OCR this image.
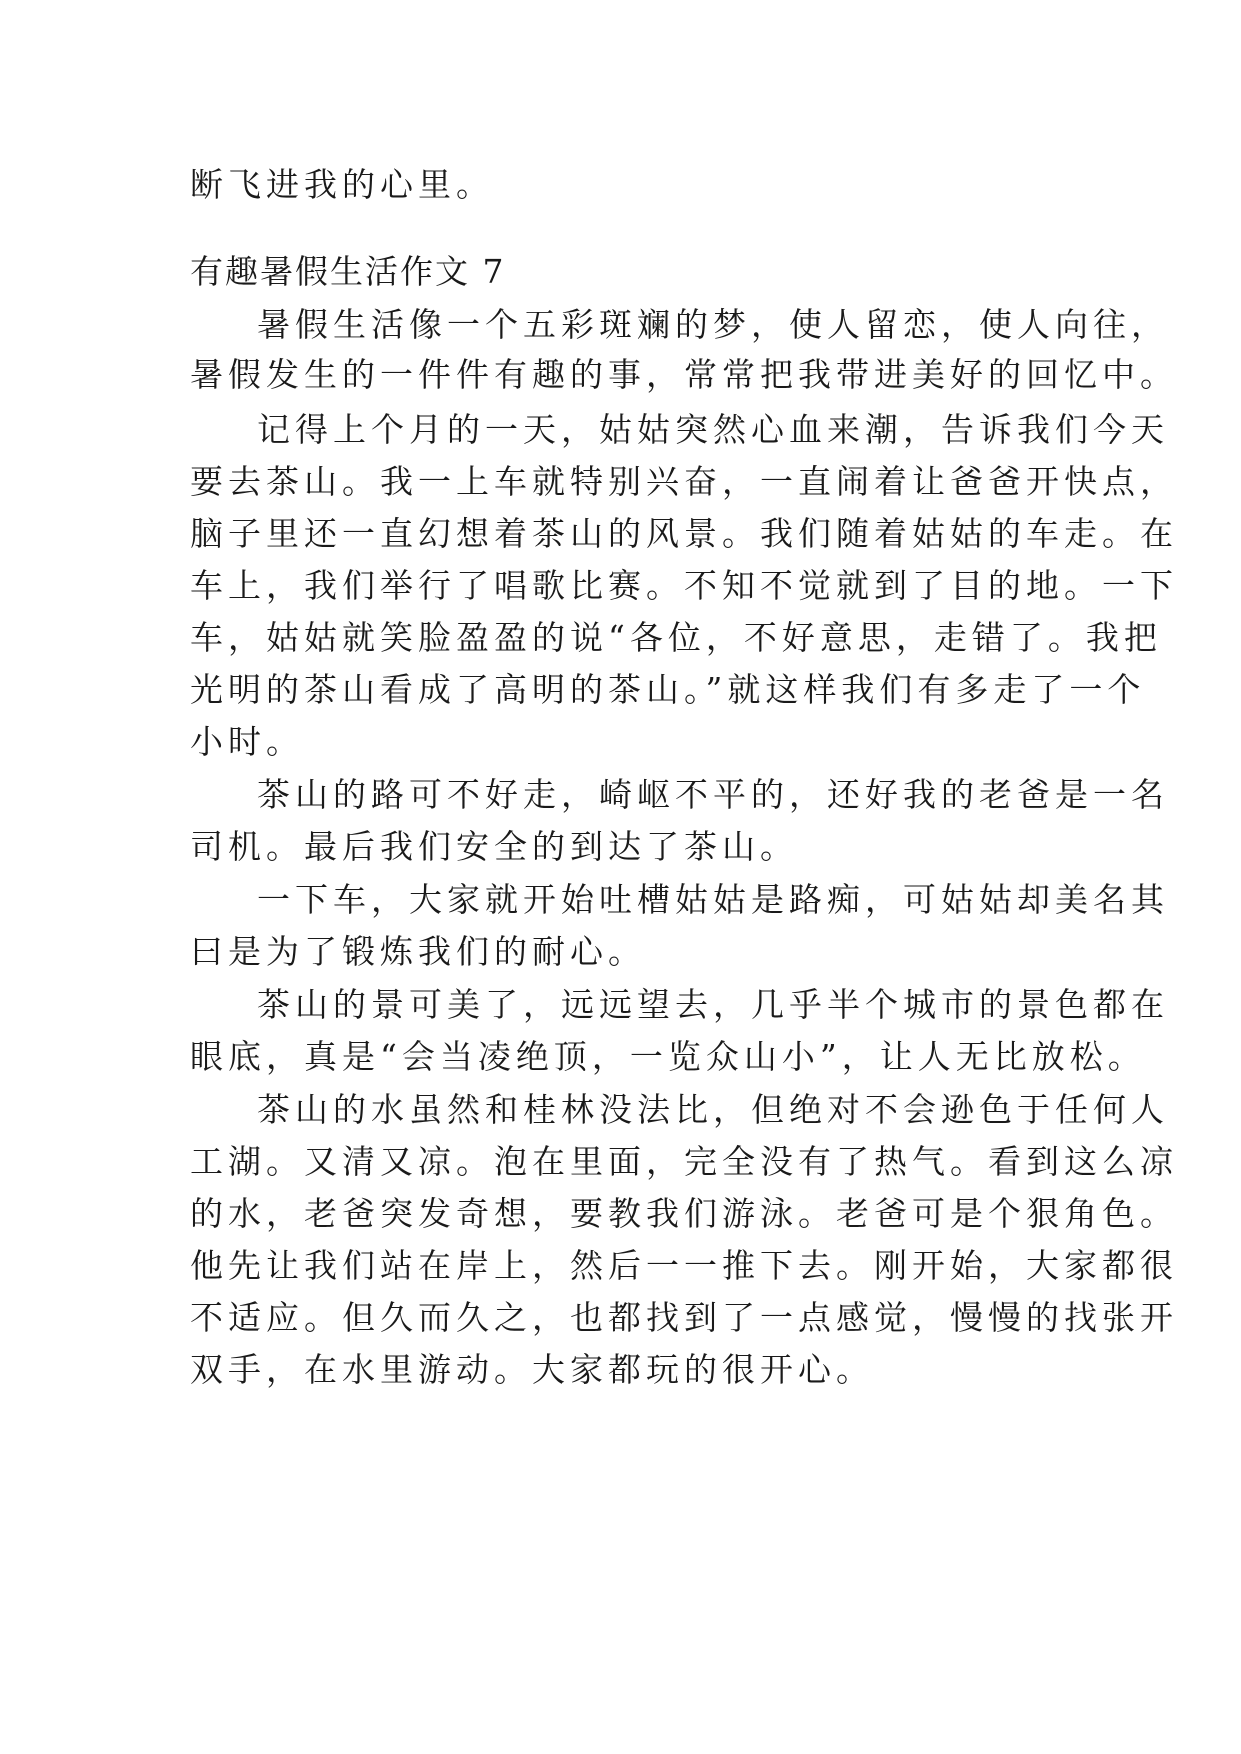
断飞进我的心里。
有趣暑假生活作文 7
暑假生活像一个五彩斑斓的梦，使人留恋，使人向往，
暑假发生的一件件有趣的事，常常把我带进美好的回忆中。
记得上个月的一天，姑姑突然心血来潮，告诉我们今天
要去茶山。我一上车就特别兴奋，一直闹着让爸爸开快点，
脑子里还一直幻想着茶山的风景。我们随着姑姑的车走。在
车上，我们举行了唱歌比赛。不知不觉就到了目的地。一下
车，姑姑就笑脸盈盈的说“各位，不好意思，走错了。我把
光明的茶山看成了高明的茶山。”就这样我们有多走了一个
小时。
茶山的路可不好走，崎岖不平的，还好我的老爸是一名
司机。最后我们安全的到达了茶山。
一下车，大家就开始吐槽姑姑是路痴，可姑姑却美名其
曰是为了锻炼我们的耐心。
茶山的景可美了，远远望去，几乎半个城市的景色都在
眼底，真是“会当凌绝顶，一览众山小”，让人无比放松。
茶山的水虽然和桂林没法比，但绝对不会逊色于任何人
工湖。又清又凉。泡在里面，完全没有了热气。看到这么凉
的水，老爸突发奇想，要教我们游泳。老爸可是个狠角色。
他先让我们站在岸上，然后一一推下去。刚开始，大家都很
不适应。但久而久之，也都找到了一点感觉，慢慢的找张开
双手，在水里游动。大家都玩的很开心。
